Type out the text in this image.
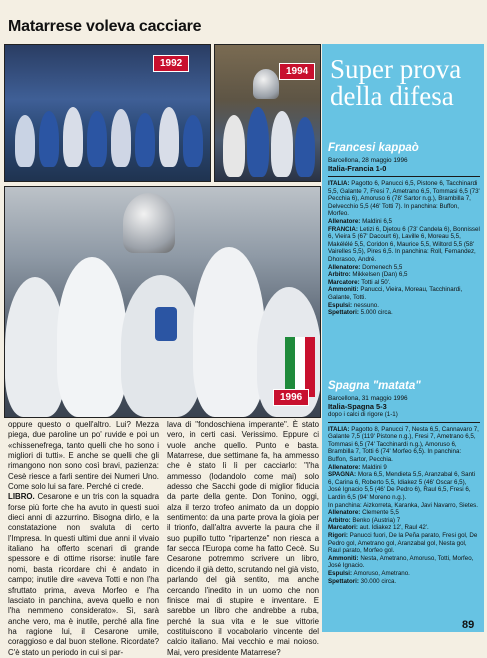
Matarrese voleva cacciare
1992
1994
1996
Super prova della difesa
Francesi kappaò

Barcellona, 28 maggio 1996

Italia-Francia 1-0

ITALIA: Pagotto 6, Panucci 6,5, Pistone 6, Tacchinardi 5,5, Galante 7, Fresi 7, Ametrano 6,5, Tommasi 6,5 (73' Pecchia 6), Amoruso 6 (78' Sartor n.g.), Brambilla 7, Delvecchio 5,5 (46' Totti 7). In panchina: Buffon, Morfeo.

Allenatore: Maldini 6,5

FRANCIA: Letizi 6, Djetou 6 (73' Candela 6), Bonnissel 6, Vieira 5 (67' Dacourt 6), Laville 6, Moreau 5,5, Makélélé 5,5, Coridon 6, Maurice 5,5, Wiltord 5,5 (58' Vairelles 5,5), Pires 6,5. In panchina: Roll, Fernandez, Dhorasoo, André.

Allenatore: Domenech 5,5

Arbitro: Mikkelsen (Dan) 6,5

Marcatore: Totti al 50'.

Ammoniti: Panucci, Vieira, Moreau, Tacchinardi, Galante, Totti.

Espulsi: nessuno.

Spettatori: 5.000 circa.

Spagna "matata"

Barcellona, 31 maggio 1996

Italia-Spagna 5-3

dopo i calci di rigore (1-1)

ITALIA: Pagotto 8, Panucci 7, Nesta 6,5, Cannavaro 7, Galante 7,5 (119' Pistone n.g.), Fresi 7, Ametrano 6,5, Tommasi 6,5 (74' Tacchinardi n.g.), Amoruso 6, Brambilla 7, Totti 6 (74' Morfeo 6,5). In panchina: Buffon, Sartor, Pecchia.

Allenatore: Maldini 9

SPAGNA: Mora 6,5, Mendieta 5,5, Aranzabal 6, Santi 6, Carina 6, Roberto 5,5, Idiakez 5 (46' Oscar 6,5), José Ignacio 5,5 (46' De Pedro 6), Raul 6,5, Fresi 6, Lardín 6,5 (94' Moreno n.g.).

In panchina: Aizkorreta, Karanka, Javi Navarro, Sietes.

Allenatore: Clemente 5,5

Arbitro: Benko (Austria) 7

Marcatori: aut. Idiakez 12', Raul 42'.

Rigori: Panucci fuori, De la Peña parato, Fresi gol, De Pedro gol, Ametrano gol, Aranzabal gol, Nesta gol, Raul parato, Morfeo gol.

Ammoniti: Nesta, Ametrano, Amoruso, Totti, Morfeo, José Ignacio.

Espulsi: Amoruso, Ametrano.

Spettatori: 30.000 circa.

oppure questo o quell'altro. Lui? Mezza piega, due paroline un po' ruvide e poi un «chissenefrega, tanto quelli che ho sono i migliori di tutti». E anche se quelli che gli rimangono non sono così bravi, pazienza: Cesè riesce a farli sentire dei Numeri Uno. Come solo lui sa fare. Perché ci crede.

LIBRO. Cesarone e un tris con la squadra forse più forte che ha avuto in questi suoi dieci anni di azzurrino. Bisogna dirlo, e la constatazione non svaluta di certo l'Impresa. In questi ultimi due anni il vivaio italiano ha offerto scenari di grande spessore e di ottime risorse: inutile fare nomi, basta ricordare chi è andato in campo; inutile dire «aveva Totti e non l'ha sfruttato prima, aveva Morfeo e l'ha lasciato in panchina, aveva quello e non l'ha nemmeno considerato». Sì, sarà anche vero, ma è inutile, perché alla fine ha ragione lui, il Cesarone umile, coraggioso e dal buon stellone. Ricordate? C'è stato un periodo in cui si par-

lava di "fondoschiena imperante". È stato vero, in certi casi. Verissimo. Eppure ci vuole anche quello. Punto e basta. Matarrese, due settimane fa, ha ammesso che è stato lì lì per cacciarlo: "l'ha ammesso (lodandolo come mai) solo adesso che Sacchi gode di miglior fiducia da parte della gente. Don Tonino, oggi, alza il terzo trofeo animato da un doppio sentimento: da una parte prova la gioia per il trionfo, dall'altra avverte la paura che il suo pupillo tutto "ripartenze" non riesca a far secca l'Europa come ha fatto Cecè. Su Cesarone potremmo scrivere un libro, dicendo il già detto, scrutando nel già visto, parlando del già sentito, ma anche cercando l'inedito in un uomo che non finisce mai di stupire e inventare. E sarebbe un libro che andrebbe a ruba, perché la sua vita e le sue vittorie costituiscono il vocabolario vincente del calcio italiano. Mai vecchio e mai noioso. Mai, vero presidente Matarrese?

89
